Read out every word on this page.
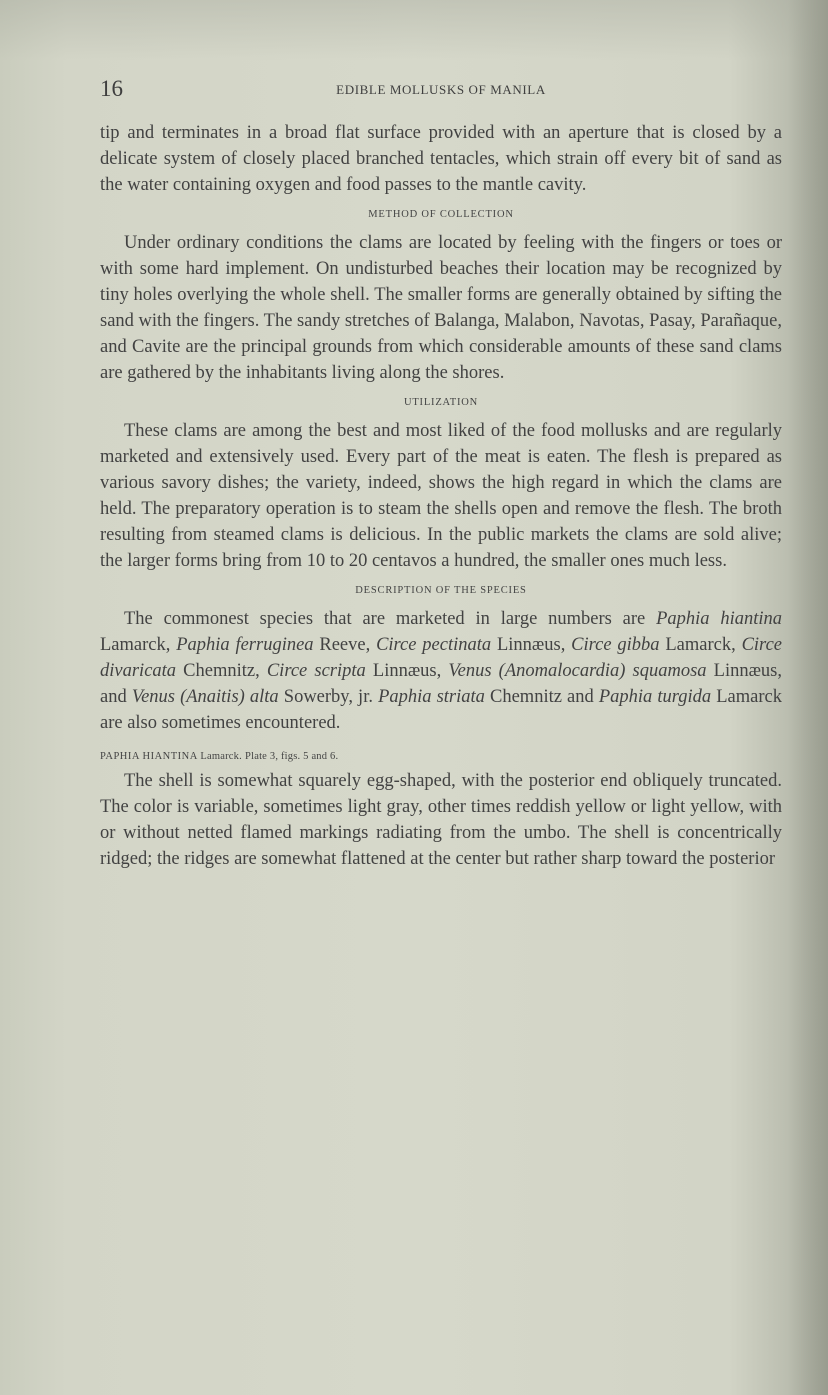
16	EDIBLE MOLLUSKS OF MANILA

tip and terminates in a broad flat surface provided with an aperture that is closed by a delicate system of closely placed branched tentacles, which strain off every bit of sand as the water containing oxygen and food passes to the mantle cavity.

METHOD OF COLLECTION

Under ordinary conditions the clams are located by feeling with the fingers or toes or with some hard implement. On undisturbed beaches their location may be recognized by tiny holes overlying the whole shell. The smaller forms are generally obtained by sifting the sand with the fingers. The sandy stretches of Balanga, Malabon, Navotas, Pasay, Parañaque, and Cavite are the principal grounds from which considerable amounts of these sand clams are gathered by the inhabitants living along the shores.

UTILIZATION

These clams are among the best and most liked of the food mollusks and are regularly marketed and extensively used. Every part of the meat is eaten. The flesh is prepared as various savory dishes; the variety, indeed, shows the high regard in which the clams are held. The preparatory operation is to steam the shells open and remove the flesh. The broth resulting from steamed clams is delicious. In the public markets the clams are sold alive; the larger forms bring from 10 to 20 centavos a hundred, the smaller ones much less.

DESCRIPTION OF THE SPECIES

The commonest species that are marketed in large numbers are Paphia hiantina Lamarck, Paphia ferruginea Reeve, Circe pectinata Linnæus, Circe gibba Lamarck, Circe divaricata Chemnitz, Circe scripta Linnæus, Venus (Anomalocardia) squamosa Linnæus, and Venus (Anaitis) alta Sowerby, jr. Paphia striata Chemnitz and Paphia turgida Lamarck are also sometimes encountered.

PAPHIA HIANTINA Lamarck. Plate 3, figs. 5 and 6.

The shell is somewhat squarely egg-shaped, with the posterior end obliquely truncated. The color is variable, sometimes light gray, other times reddish yellow or light yellow, with or without netted flamed markings radiating from the umbo. The shell is concentrically ridged; the ridges are somewhat flattened at the center but rather sharp toward the posterior
